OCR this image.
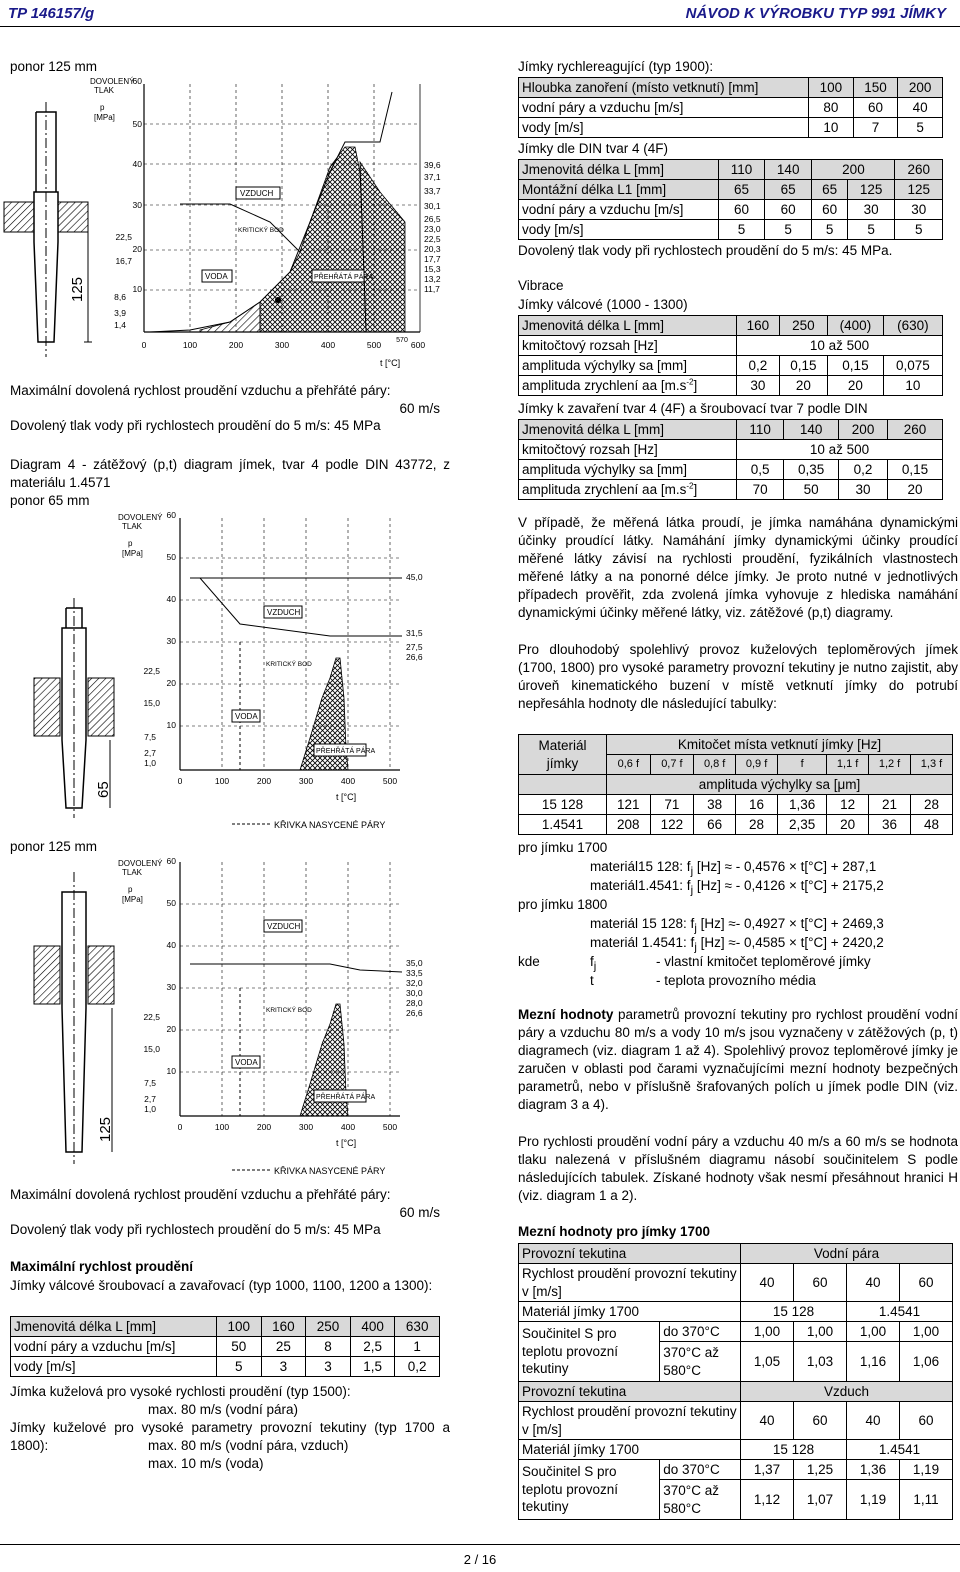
TP 146157/g	NÁVOD K VÝROBKU TYP 991 JÍMKY
ponor 125 mm
125
DOVOLENÝ
TLAK
p
[MPa]
60
50
40
30
22,5
20
16,7
10
8,6
3,9
1,4
0	100	200	300	400	500 570 600
t [°C]
VZDUCH
KRITICKÝ BOD
VODA	PŘEHŘÁTÁ PÁRA
39,6
37,1
33,7
30,1
26,5
23,0
22,5
20,3
17,7
15,3
13,2
11,7
Maximální dovolená rychlost proudění vzduchu a přehřáté páry:
60 m/s
Dovolený tlak vody při rychlostech proudění do 5 m/s: 45 MPa
Diagram 4 - zátěžový (p,t) diagram jímek, tvar 4 podle DIN 43772, z materiálu 1.4571
ponor 65 mm
65
DOVOLENÝ
TLAK
p
[MPa]
60
50
40
30
22,5
20
15,0
10
7,5
2,7
1,0
0	100	200	300	400	500
t [°C]
KŘIVKA NASYCENÉ PÁRY
VZDUCH
KRITICKÝ BOD
VODA
PŘEHŘÁTÁ PÁRA
45,0
31,5
27,5
26,6
ponor 125 mm
125
DOVOLENÝ
TLAK
p
[MPa]
60
50
40
30
22,5
20
15,0
10
7,5
2,7
1,0
0	100	200	300	400	500
t [°C]
KŘIVKA NASYCENÉ PÁRY
VZDUCH
KRITICKÝ BOD
VODA
PŘEHŘÁTÁ PÁRA
35,0
33,5
32,0
30,0
28,0
26,6
Maximální dovolená rychlost proudění vzduchu a přehřáté páry:
60 m/s
Dovolený tlak vody při rychlostech proudění do 5 m/s: 45 MPa
Maximální rychlost proudění
Jímky válcové šroubovací a zavařovací (typ 1000, 1100, 1200 a 1300):
Jmenovitá délka L [mm]	100	160	250	400	630
vodní páry a vzduchu [m/s]	50	25	8	2,5	1
vody [m/s]	5	3	3	1,5	0,2
Jímka kuželová pro vysoké rychlosti proudění (typ 1500):
max. 80 m/s (vodní pára)
Jímky kuželové pro vysoké parametry provozní tekutiny (typ 1700 a 1800):	max. 80 m/s (vodní pára, vzduch)
max. 10 m/s (voda)
Jímky rychlereagující (typ 1900):
Hloubka zanoření (místo vetknutí) [mm]	100	150	200
vodní páry a vzduchu [m/s]	80	60	40
vody [m/s]	10	7	5
Jímky dle DIN tvar 4 (4F)
Jmenovitá délka L [mm]	110	140	200		260
Montážní délka L1 [mm]	65	65	65	125	125
vodní páry a vzduchu [m/s]	60	60	60	30	30
vody [m/s]	5	5	5	5	5
Dovolený tlak vody při rychlostech proudění do 5 m/s: 45 MPa.
Vibrace
Jímky válcové (1000 - 1300)
Jmenovitá délka L [mm]	160	250	(400)	(630)
kmitočtový rozsah [Hz]	10 až 500			
amplituda výchylky sa [mm]	0,2	0,15	0,15	0,075
amplituda zrychlení aa $[m.s^{-2}]$	30	20	20	10
Jímky k zavaření tvar 4 (4F) a šroubovací tvar 7 podle DIN
Jmenovitá délka L [mm]	110	140	200	260
kmitočtový rozsah [Hz]	10 až 500			
amplituda výchylky sa [mm]	0,5	0,35	0,2	0,15
amplituda zrychlení aa $[m.s^{-2}]$	70	50	30	20
V případě, že měřená látka proudí, je jímka namáhána dynamickými účinky proudící látky. Namáhání jímky dynamickými účinky proudící měřené látky závisí na rychlosti proudění, fyzikálních vlastnostech měřené látky a na ponorné délce jímky. Je proto nutné v jednotlivých případech prověřit, zda zvolená jímka vyhovuje z hlediska namáhání dynamickými účinky měřené látky, viz. zátěžové (p,t) diagramy.
Pro dlouhodobý spolehlivý provoz kuželových teploměrových jímek (1700, 1800) pro vysoké parametry provozní tekutiny je nutno zajistit, aby úroveň kinematického buzení v místě vetknutí jímky do potrubí nepřesáhla hodnoty dle následující tabulky:
Materiál jímky	Kmitočet místa vetknutí jímky [Hz]							
	0,6 f	0,7 f	0,8 f	0,9 f	f	1,1 f	1,2 f	1,3 f
	amplituda výchylky sa [μm]							
15 128	121	71	38	16	1,36	12	21	28
1.4541	208	122	66	28	2,35	20	36	48
pro jímku 1700
materiál15 128: $f_j$ [Hz] ≈ - 0,4576 × t[°C] + 287,1
materiál1.4541: $f_j$ [Hz] ≈ - 0,4126 × t[°C] + 2175,2
pro jímku 1800
materiál 15 128: $f_j$ [Hz] ≈- 0,4927 × t[°C] + 2469,3
materiál 1.4541: $f_j$ [Hz] ≈- 0,4585 × t[°C] + 2420,2
kde	$f_j$	- vlastní kmitočet teploměrové jímky
t	- teplota provozního média
Mezní hodnoty parametrů provozní tekutiny pro rychlost proudění vodní páry a vzduchu 80 m/s a vody 10 m/s jsou vyznačeny v zátěžových (p, t) diagramech (viz. diagram 1 až 4). Spolehlivý provoz teploměrové jímky je zaručen v oblasti pod čarami vyznačujícími mezní hodnoty bezpečných parametrů, nebo v příslušně šrafovaných polích u jímek podle DIN (viz. diagram 3 a 4).
Pro rychlosti proudění vodní páry a vzduchu 40 m/s a 60 m/s se hodnota tlaku nalezená v příslušném diagramu násobí součinitelem S podle následujících tabulek. Získané hodnoty však nesmí přesáhnout hranici H (viz. diagram 1 a 2).
Mezní hodnoty pro jímky 1700
Provozní tekutina		Vodní pára			
Rychlost proudění provozní tekutiny v [m/s]		40	60	40	60
Materiál jímky 1700		15 128		1.4541	
Součinitel S pro teplotu provozní tekutiny	do 370°C	1,00	1,00	1,00	1,00
	370°C až 580°C	1,05	1,03	1,16	1,06
Provozní tekutina		Vzduch			
Rychlost proudění provozní tekutiny v [m/s]		40	60	40	60
Materiál jímky 1700		15 128		1.4541	
Součinitel S pro teplotu provozní tekutiny	do 370°C	1,37	1,25	1,36	1,19
	370°C až 580°C	1,12	1,07	1,19	1,11
2 / 16
